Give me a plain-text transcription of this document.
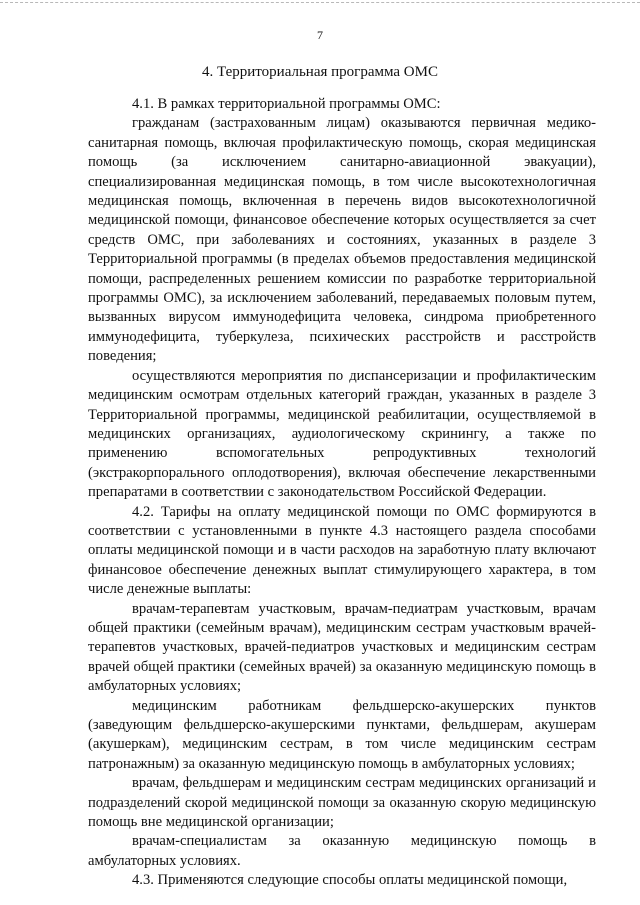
7
4. Территориальная программа ОМС

4.1. В рамках территориальной программы ОМС:

гражданам (застрахованным лицам) оказываются первичная медико-санитарная помощь, включая профилактическую помощь, скорая медицинская помощь (за исключением санитарно-авиационной эвакуации), специализированная медицинская помощь, в том числе высокотехнологичная медицинская помощь, включенная в перечень видов высокотехнологичной медицинской помощи, финансовое обеспечение которых осуществляется за счет средств ОМС, при заболеваниях и состояниях, указанных в разделе 3 Территориальной программы (в пределах объемов предоставления медицинской помощи, распределенных решением комиссии по разработке территориальной программы ОМС), за исключением заболеваний, передаваемых половым путем, вызванных вирусом иммунодефицита человека, синдрома приобретенного иммунодефицита, туберкулеза, психических расстройств и расстройств поведения;

осуществляются мероприятия по диспансеризации и профилактическим медицинским осмотрам отдельных категорий граждан, указанных в разделе 3 Территориальной программы, медицинской реабилитации, осуществляемой в медицинских организациях, аудиологическому скринингу, а также по применению вспомогательных репродуктивных технологий (экстракорпорального оплодотворения), включая обеспечение лекарственными препаратами в соответствии с законодательством Российской Федерации.

4.2. Тарифы на оплату медицинской помощи по ОМС формируются в соответствии с установленными в пункте 4.3 настоящего раздела способами оплаты медицинской помощи и в части расходов на заработную плату включают финансовое обеспечение денежных выплат стимулирующего характера, в том числе денежные выплаты:

врачам-терапевтам участковым, врачам-педиатрам участковым, врачам общей практики (семейным врачам), медицинским сестрам участковым врачей-терапевтов участковых, врачей-педиатров участковых и медицинским сестрам врачей общей практики (семейных врачей) за оказанную медицинскую помощь в амбулаторных условиях;

медицинским работникам фельдшерско-акушерских пунктов (заведующим фельдшерско-акушерскими пунктами, фельдшерам, акушерам (акушеркам), медицинским сестрам, в том числе медицинским сестрам патронажным) за оказанную медицинскую помощь в амбулаторных условиях;

врачам, фельдшерам и медицинским сестрам медицинских организаций и подразделений скорой медицинской помощи за оказанную скорую медицинскую помощь вне медицинской организации;

врачам-специалистам за оказанную медицинскую помощь в амбулаторных условиях.

4.3. Применяются следующие способы оплаты медицинской помощи,
